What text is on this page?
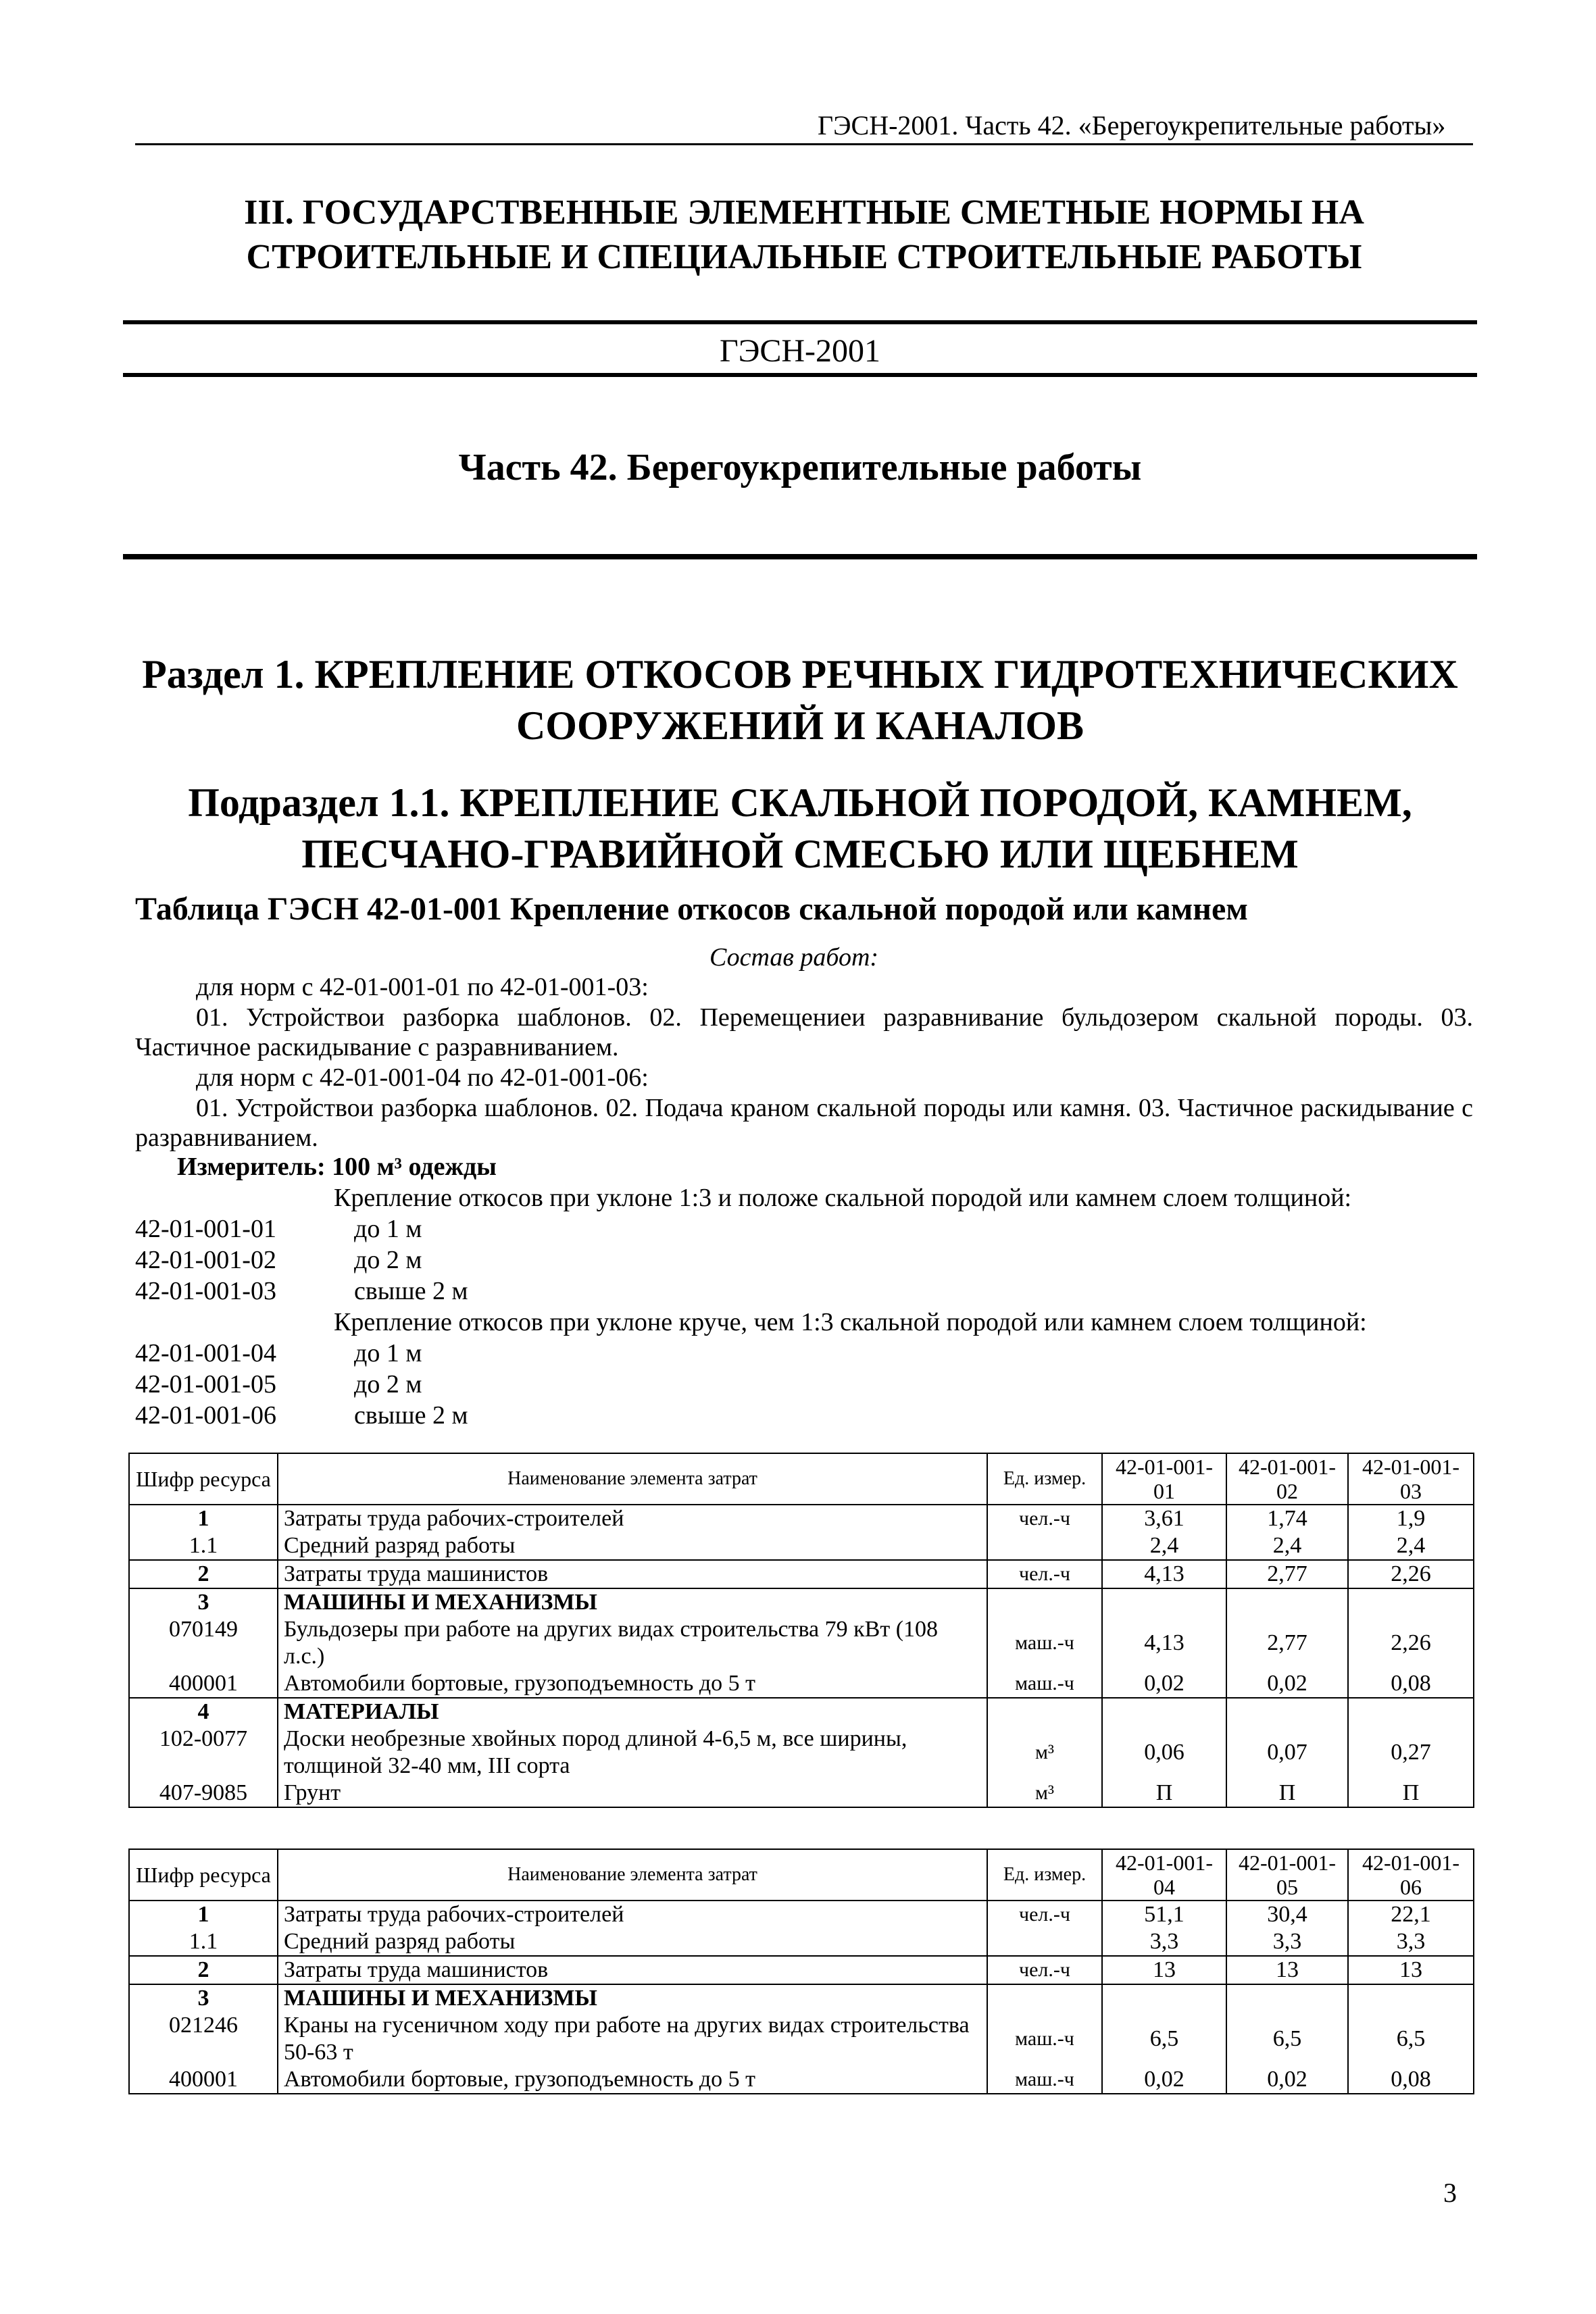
ГЭСН-2001. Часть 42. «Берегоукрепительные работы»
III. ГОСУДАРСТВЕННЫЕ ЭЛЕМЕНТНЫЕ СМЕТНЫЕ НОРМЫ НА
СТРОИТЕЛЬНЫЕ И СПЕЦИАЛЬНЫЕ СТРОИТЕЛЬНЫЕ РАБОТЫ
ГЭСН-2001
Часть 42. Берегоукрепительные работы
Раздел 1. КРЕПЛЕНИЕ ОТКОСОВ РЕЧНЫХ ГИДРОТЕХНИЧЕСКИХ
СООРУЖЕНИЙ И КАНАЛОВ
Подраздел 1.1. КРЕПЛЕНИЕ СКАЛЬНОЙ ПОРОДОЙ, КАМНЕМ,
ПЕСЧАНО-ГРАВИЙНОЙ СМЕСЬЮ ИЛИ ЩЕБНЕМ
Таблица ГЭСН 42-01-001 Крепление откосов скальной породой или камнем
Состав работ:
для норм с 42-01-001-01 по 42-01-001-03:
01. Устройствои разборка шаблонов. 02. Перемещениеи разравнивание бульдозером скальной породы. 03. Частичное раскидывание с разравниванием.
для норм с 42-01-001-04 по 42-01-001-06:
01. Устройствои разборка шаблонов. 02. Подача краном скальной породы или камня. 03. Частичное раскидывание с разравниванием.
Измеритель: 100 м³ одежды
Крепление откосов при уклоне 1:3 и положе скальной породой или камнем слоем толщиной:
42-01-001-01	до 1 м
42-01-001-02	до 2 м
42-01-001-03	свыше 2 м
Крепление откосов при уклоне круче, чем 1:3 скальной породой или камнем слоем толщиной:
42-01-001-04	до 1 м
42-01-001-05	до 2 м
42-01-001-06	свыше 2 м
Шифр ресурса	Наименование элемента затрат	Ед. измер.	42-01-001-01	42-01-001-02	42-01-001-03
1	Затраты труда рабочих-строителей	чел.-ч	3,61	1,74	1,9
1.1	Средний разряд работы		2,4	2,4	2,4
2	Затраты труда машинистов	чел.-ч	4,13	2,77	2,26
3	МАШИНЫ И МЕХАНИЗМЫ				
070149	Бульдозеры при работе на других видах строительства 79 кВт (108 л.с.)	маш.-ч	4,13	2,77	2,26
400001	Автомобили бортовые, грузоподъемность до 5 т	маш.-ч	0,02	0,02	0,08
4	МАТЕРИАЛЫ				
102-0077	Доски необрезные хвойных пород длиной 4-6,5 м, все ширины, толщиной 32-40 мм, III сорта	м³	0,06	0,07	0,27
407-9085	Грунт	м³	П	П	П
Шифр ресурса	Наименование элемента затрат	Ед. измер.	42-01-001-04	42-01-001-05	42-01-001-06
1	Затраты труда рабочих-строителей	чел.-ч	51,1	30,4	22,1
1.1	Средний разряд работы		3,3	3,3	3,3
2	Затраты труда машинистов	чел.-ч	13	13	13
3	МАШИНЫ И МЕХАНИЗМЫ				
021246	Краны на гусеничном ходу при работе на других видах строительства 50-63 т	маш.-ч	6,5	6,5	6,5
400001	Автомобили бортовые, грузоподъемность до 5 т	маш.-ч	0,02	0,02	0,08
3
